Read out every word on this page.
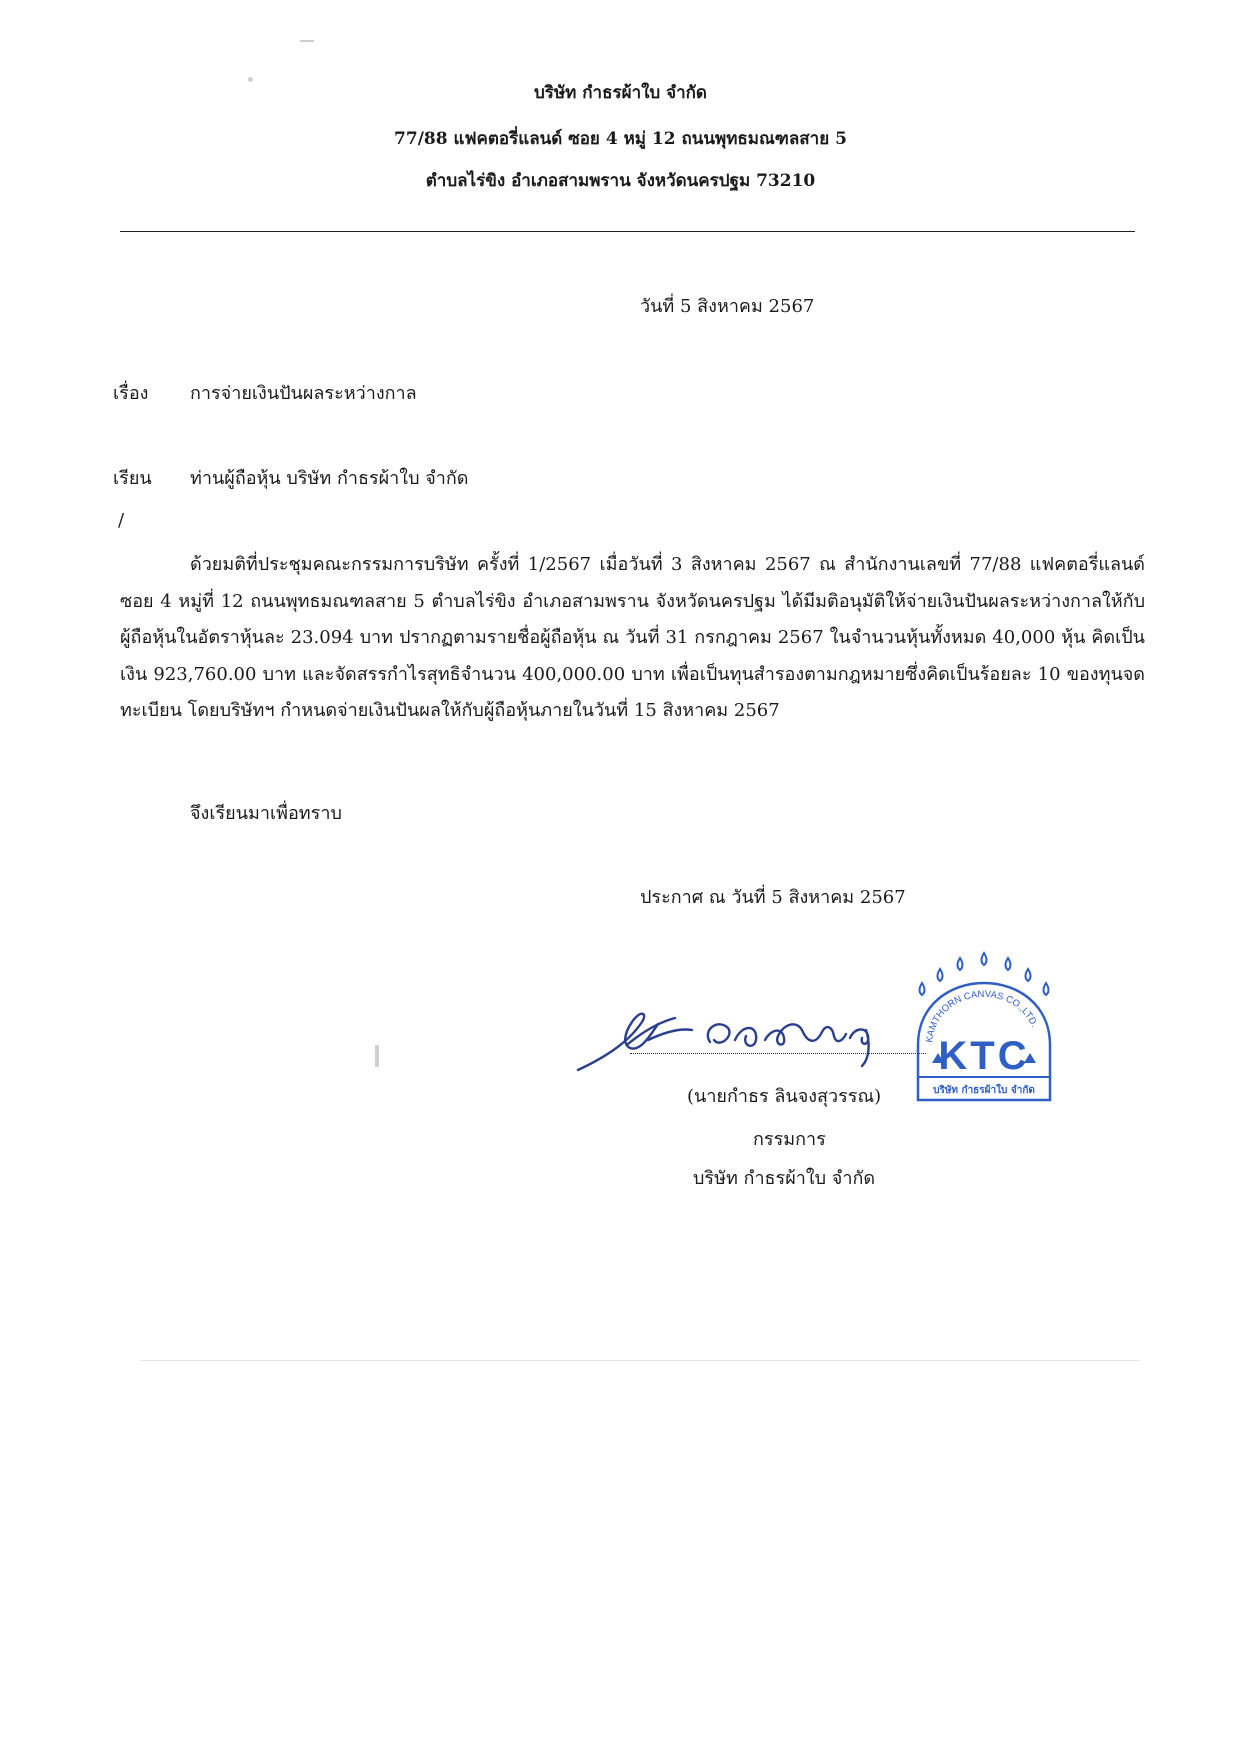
บริษัท กำธรผ้าใบ จำกัด
77/88 แฟคตอรี่แลนด์ ซอย 4 หมู่ 12 ถนนพุทธมณฑลสาย 5
ตำบลไร่ขิง อำเภอสามพราน จังหวัดนครปฐม 73210
วันที่ 5 สิงหาคม 2567
เรื่อง การจ่ายเงินปันผลระหว่างกาล
เรียน ท่านผู้ถือหุ้น บริษัท กำธรผ้าใบ จำกัด
/
ด้วยมติที่ประชุมคณะกรรมการบริษัท ครั้งที่ 1/2567 เมื่อวันที่ 3 สิงหาคม 2567 ณ สำนักงานเลขที่ 77/88 แฟคตอรี่แลนด์ ซอย 4 หมู่ที่ 12 ถนนพุทธมณฑลสาย 5 ตำบลไร่ขิง อำเภอสามพราน จังหวัดนครปฐม ได้มีมติอนุมัติให้จ่ายเงินปันผลระหว่างกาลให้กับผู้ถือหุ้นในอัตราหุ้นละ 23.094 บาท ปรากฏตามรายชื่อผู้ถือหุ้น ณ วันที่ 31 กรกฎาคม 2567 ในจำนวนหุ้นทั้งหมด 40,000 หุ้น คิดเป็นเงิน 923,760.00 บาท และจัดสรรกำไรสุทธิจำนวน 400,000.00 บาท เพื่อเป็นทุนสำรองตามกฎหมายซึ่งคิดเป็นร้อยละ 10 ของทุนจดทะเบียน โดยบริษัทฯ กำหนดจ่ายเงินปันผลให้กับผู้ถือหุ้นภายในวันที่ 15 สิงหาคม 2567
จึงเรียนมาเพื่อทราบ
ประกาศ ณ วันที่ 5 สิงหาคม 2567
KAMTHORN CANVAS CO.,LTD.
KTC
บริษัท กำธรผ้าใบ จำกัด
(นายกำธร ลินจงสุวรรณ)
กรรมการ
บริษัท กำธรผ้าใบ จำกัด
